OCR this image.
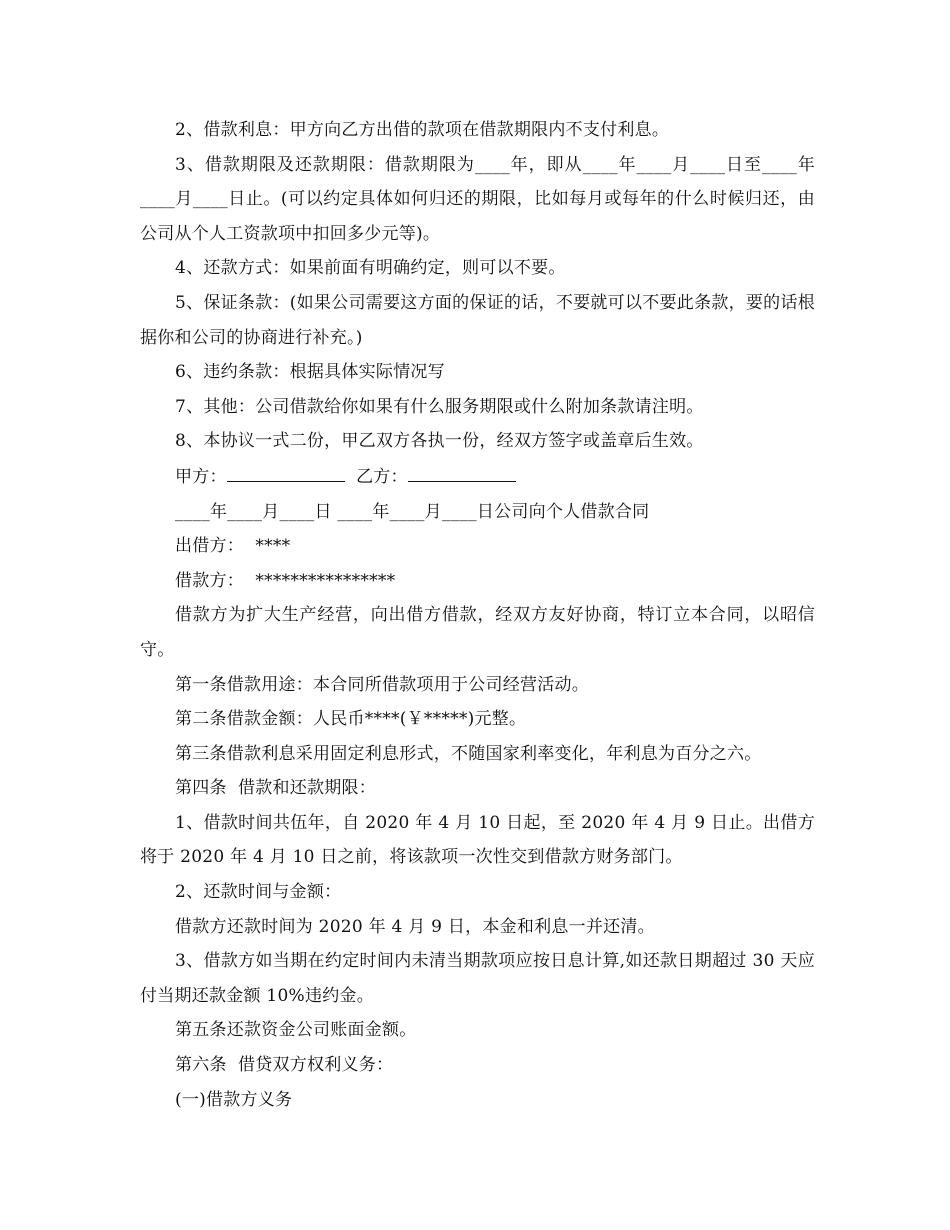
2、借款利息：甲方向乙方出借的款项在借款期限内不支付利息。

3、借款期限及还款期限：借款期限为____年，即从____年____月____日至____年____月____日止。(可以约定具体如何归还的期限，比如每月或每年的什么时候归还，由公司从个人工资款项中扣回多少元等)。

4、还款方式：如果前面有明确约定，则可以不要。

5、保证条款：(如果公司需要这方面的保证的话，不要就可以不要此条款，要的话根据你和公司的协商进行补充。)

6、违约条款：根据具体实际情况写

7、其他：公司借款给你如果有什么服务期限或什么附加条款请注明。

8、本协议一式二份，甲乙双方各执一份，经双方签字或盖章后生效。

甲方：	乙方：
____年____月____日 ____年____月____日公司向个人借款合同
出借方： ****
借款方： ****************

借款方为扩大生产经营，向出借方借款，经双方友好协商，特订立本合同，以昭信守。

第一条借款用途：本合同所借款项用于公司经营活动。

第二条借款金额：人民币****(￥*****)元整。

第三条借款利息采用固定利息形式，不随国家利率变化，年利息为百分之六。

第四条  借款和还款期限：

1、借款时间共伍年，自 2020 年 4 月 10 日起，至 2020 年 4 月 9 日止。出借方将于 2020 年 4 月 10 日之前，将该款项一次性交到借款方财务部门。

2、还款时间与金额：

借款方还款时间为 2020 年 4 月 9 日，本金和利息一并还清。

3、借款方如当期在约定时间内未清当期款项应按日息计算,如还款日期超过 30 天应付当期还款金额 10%违约金。

第五条还款资金公司账面金额。

第六条  借贷双方权利义务：

(一)借款方义务
